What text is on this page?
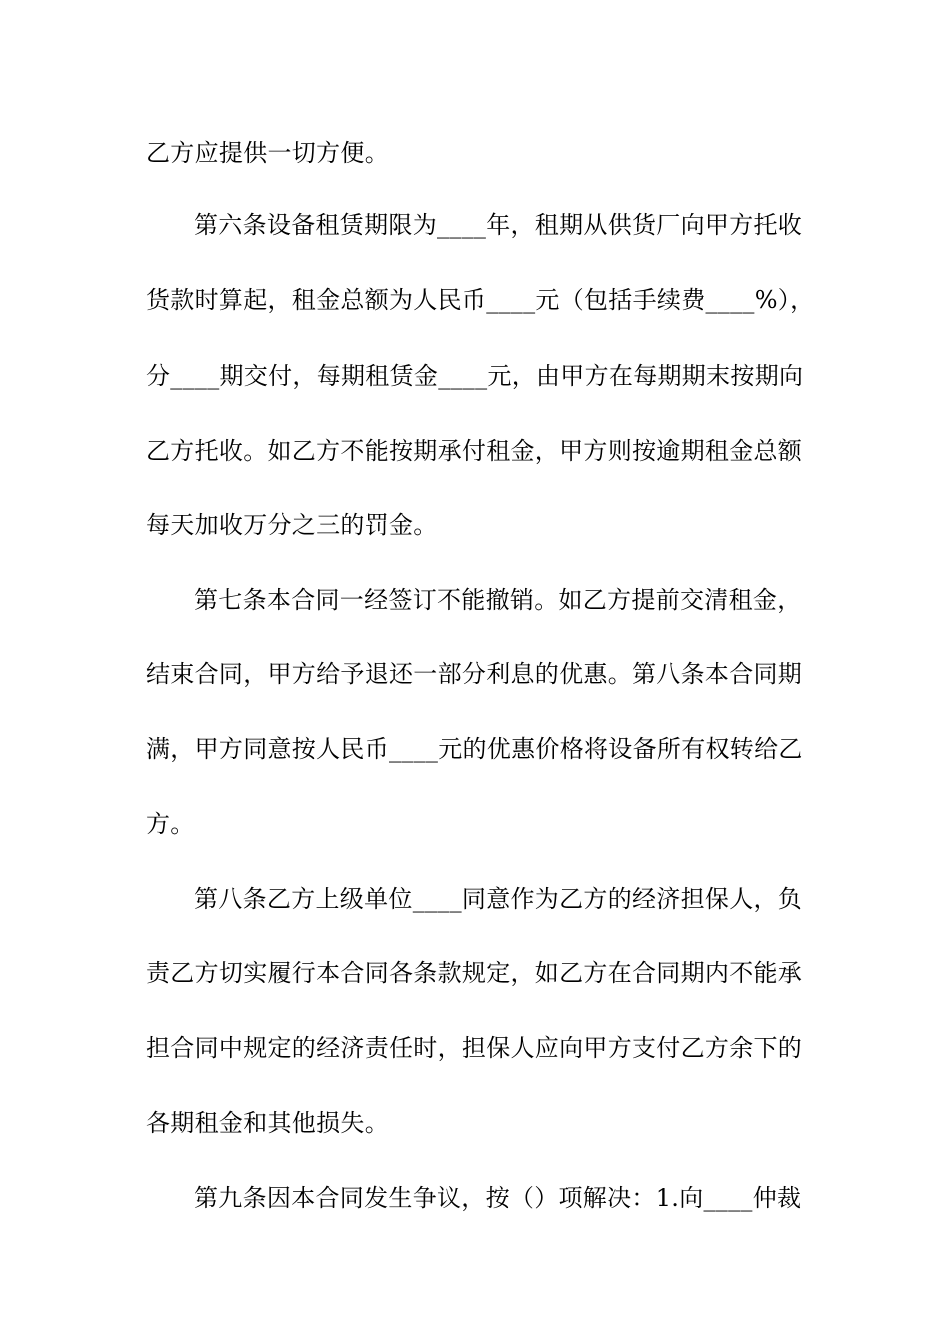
乙方应提供一切方便。
第六条设备租赁期限为____年，租期从供货厂向甲方托收
货款时算起，租金总额为人民币____元（包括手续费____%），
分____期交付，每期租赁金____元，由甲方在每期期末按期向
乙方托收。如乙方不能按期承付租金，甲方则按逾期租金总额
每天加收万分之三的罚金。
第七条本合同一经签订不能撤销。如乙方提前交清租金，
结束合同，甲方给予退还一部分利息的优惠。第八条本合同期
满，甲方同意按人民币____元的优惠价格将设备所有权转给乙
方。
第八条乙方上级单位____同意作为乙方的经济担保人，负
责乙方切实履行本合同各条款规定，如乙方在合同期内不能承
担合同中规定的经济责任时，担保人应向甲方支付乙方余下的
各期租金和其他损失。
第九条因本合同发生争议，按（）项解决：1.向____仲裁
